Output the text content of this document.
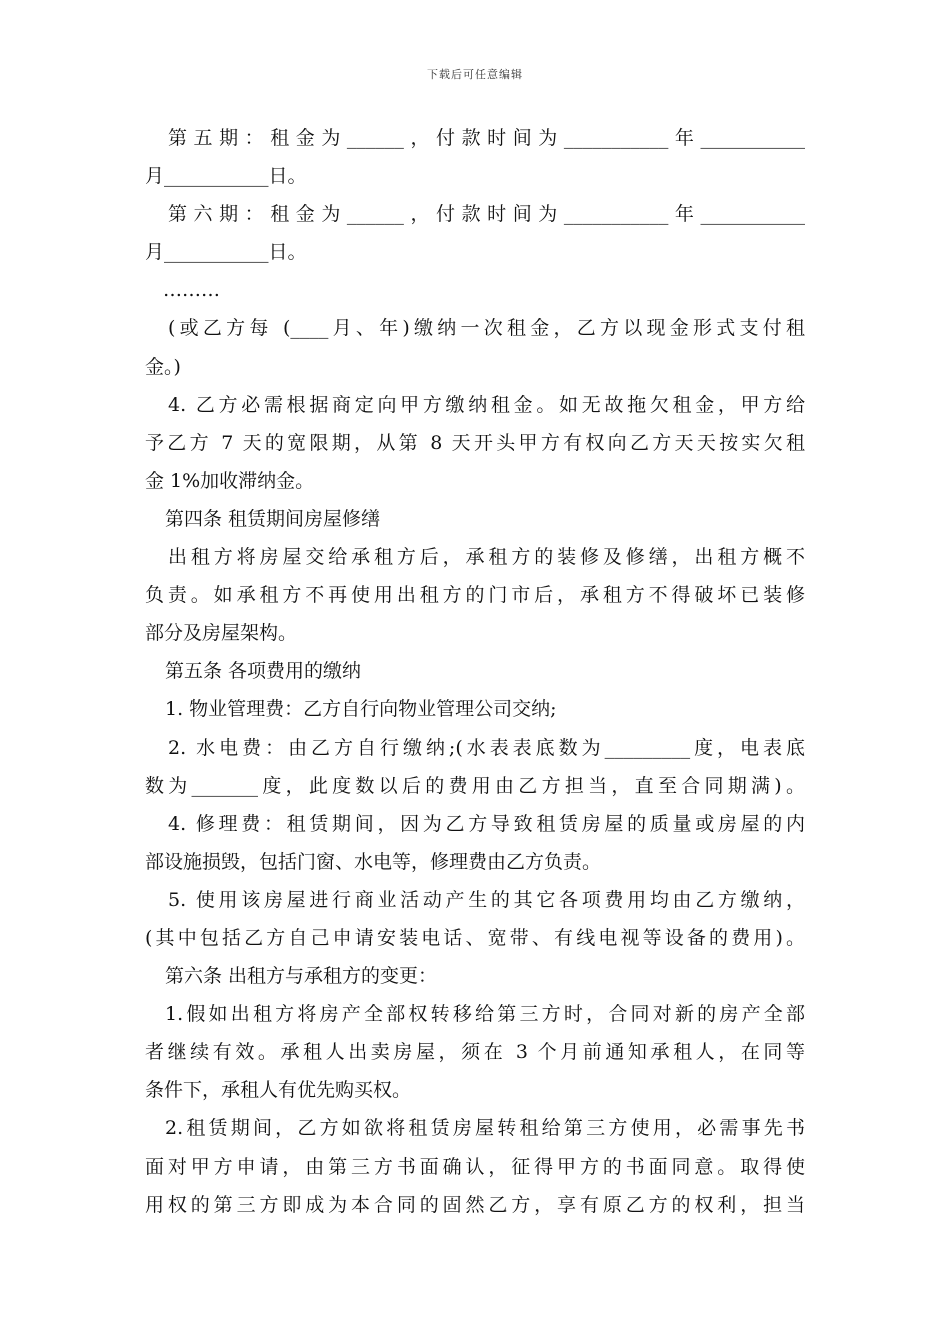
下载后可任意编辑
第五期：租金为______，付款时间为___________年___________
月___________日。
第六期：租金为______，付款时间为___________年___________
月___________日。
………
(或乙方每 (____月、年)缴纳一次租金，乙方以现金形式支付租
金。)
4. 乙方必需根据商定向甲方缴纳租金。如无故拖欠租金，甲方给
予乙方 7 天的宽限期，从第 8 天开头甲方有权向乙方天天按实欠租
金 1%加收滞纳金。
第四条 租赁期间房屋修缮
出租方将房屋交给承租方后，承租方的装修及修缮，出租方概不
负责。如承租方不再使用出租方的门市后，承租方不得破坏已装修
部分及房屋架构。
第五条 各项费用的缴纳
1. 物业管理费：乙方自行向物业管理公司交纳;
2. 水电费：由乙方自行缴纳;(水表表底数为_________度，电表底
数为_______度，此度数以后的费用由乙方担当，直至合同期满)。
4. 修理费：租赁期间，因为乙方导致租赁房屋的质量或房屋的内
部设施损毁，包括门窗、水电等，修理费由乙方负责。
5. 使用该房屋进行商业活动产生的其它各项费用均由乙方缴纳，
(其中包括乙方自己申请安装电话、宽带、有线电视等设备的费用)。
第六条 出租方与承租方的变更：
1.假如出租方将房产全部权转移给第三方时，合同对新的房产全部
者继续有效。承租人出卖房屋，须在 3 个月前通知承租人，在同等
条件下，承租人有优先购买权。
2.租赁期间，乙方如欲将租赁房屋转租给第三方使用，必需事先书
面对甲方申请，由第三方书面确认，征得甲方的书面同意。取得使
用权的第三方即成为本合同的固然乙方，享有原乙方的权利，担当
